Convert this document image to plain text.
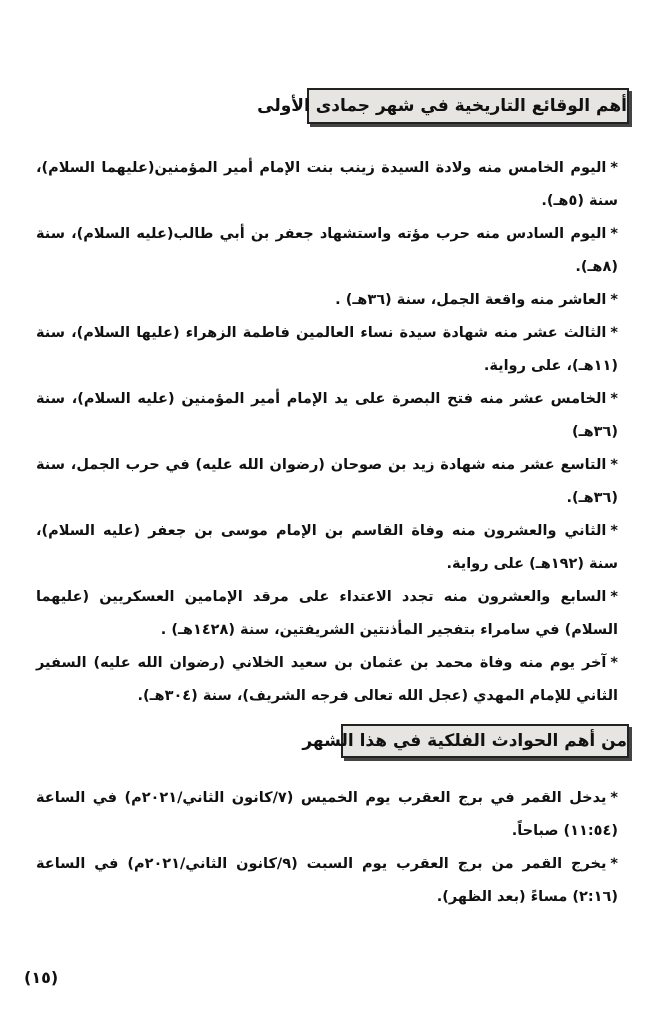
أهم الوقائع التاريخية في شهر جمادى الأولى

*اليوم الخامس منه ولادة السيدة زينب بنت الإمام أمير المؤمنين(عليهما السلام)، سنة (٥هـ).

*اليوم السادس منه حرب مؤته واستشهاد جعفر بن أبي طالب(عليه السلام)، سنة (٨هـ).

*العاشر منه واقعة الجمل، سنة (٣٦هـ) .

*الثالث عشر منه شهادة سيدة نساء العالمين فاطمة الزهراء (عليها السلام)، سنة (١١هـ)، على رواية.

*الخامس عشر منه فتح البصرة على يد الإمام أمير المؤمنين (عليه السلام)، سنة (٣٦هـ)

*التاسع عشر منه شهادة زيد بن صوحان (رضوان الله عليه) في حرب الجمل، سنة (٣٦هـ).

*الثاني والعشرون منه وفاة القاسم بن الإمام موسى بن جعفر (عليه السلام)، سنة (١٩٢هـ) على رواية.

*السابع والعشرون منه تجدد الاعتداء على مرقد الإمامين العسكريين (عليهما السلام) في سامراء بتفجير المأذنتين الشريفتين، سنة (١٤٢٨هـ) .

*آخر يوم منه وفاة محمد بن عثمان بن سعيد الخلاني (رضوان الله عليه) السفير الثاني للإمام المهدي (عجل الله تعالى فرجه الشريف)، سنة (٣٠٤هـ).

من أهم الحوادث الفلكية في هذا الشهر

*يدخل القمر في برج العقرب يوم الخميس (٧/كانون الثاني/٢٠٢١م) في الساعة (١١:٥٤) صباحاً.

*يخرج القمر من برج العقرب يوم السبت (٩/كانون الثاني/٢٠٢١م) في الساعة (٢:١٦) مساءً (بعد الظهر).

(١٥)
